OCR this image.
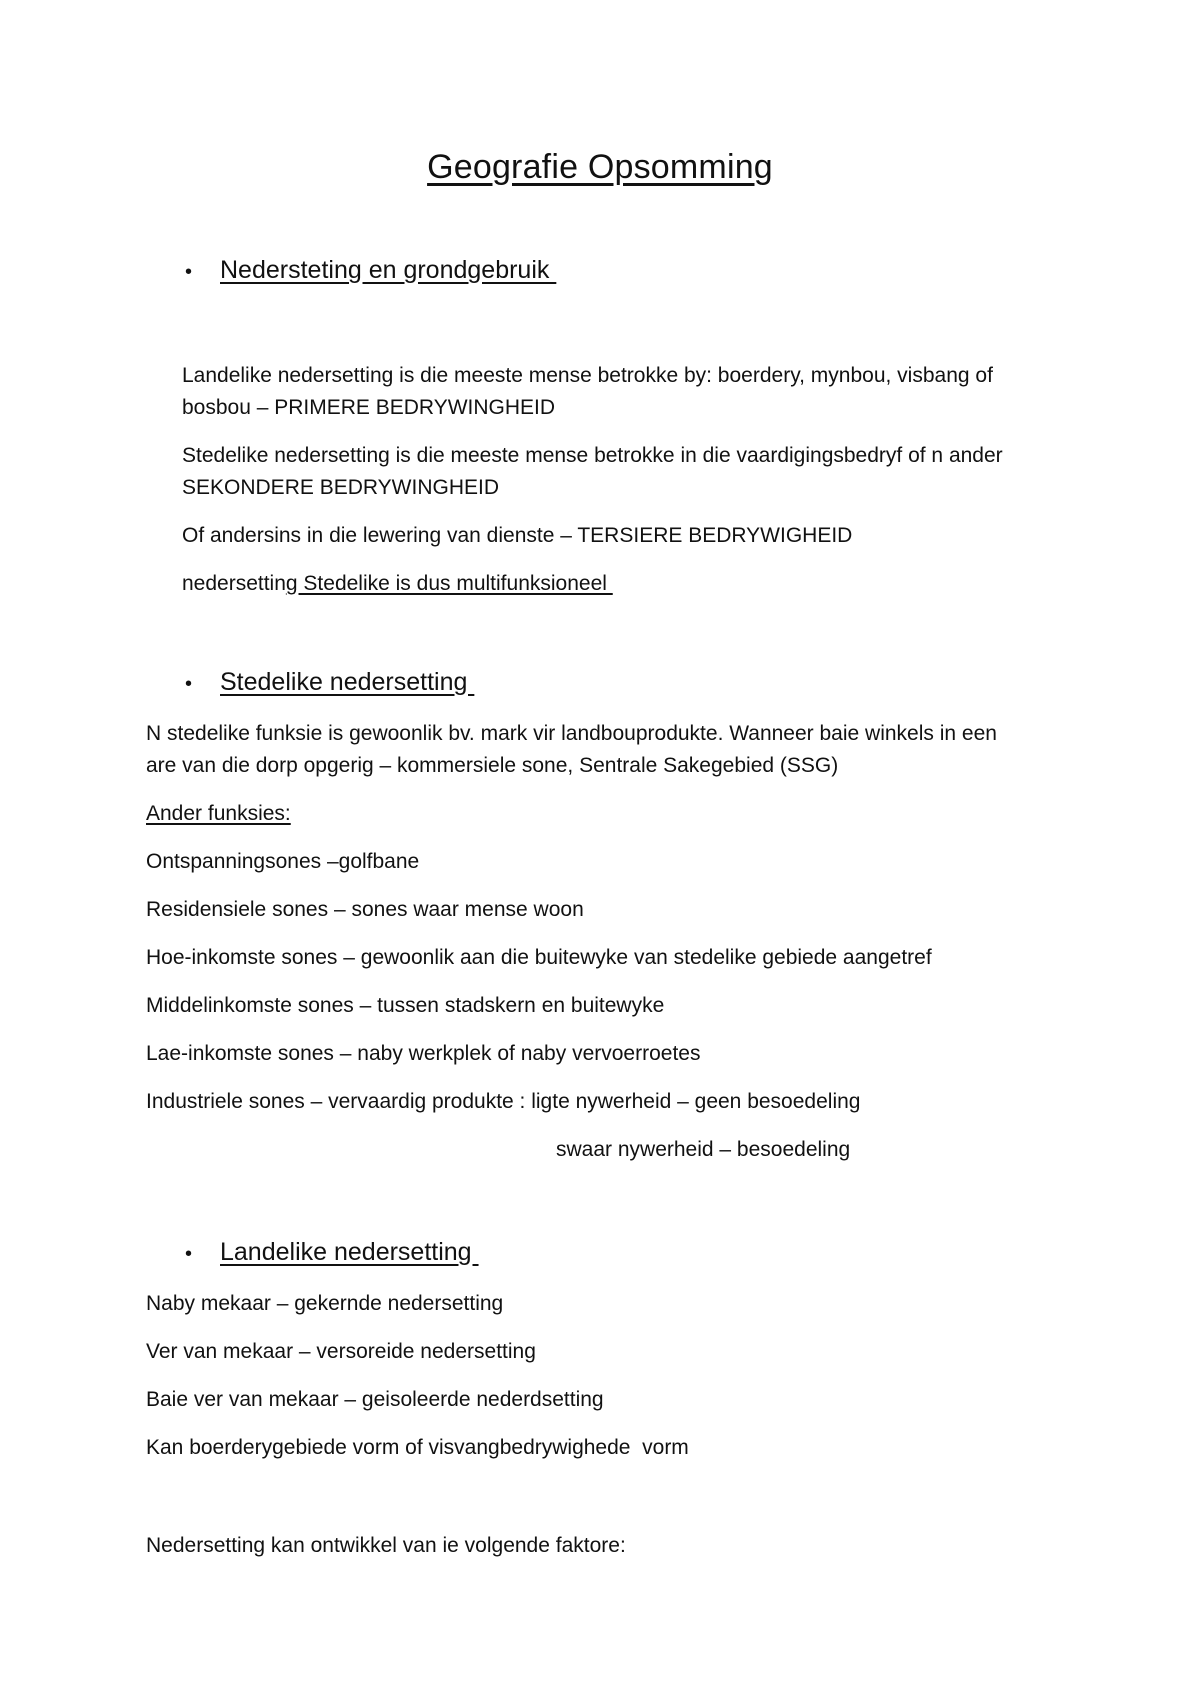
Geografie Opsomming
•	Nedersteting en grondgebruik
Landelike nedersetting is die meeste mense betrokke by: boerdery, mynbou, visbang of
bosbou – PRIMERE BEDRYWINGHEID
Stedelike nedersetting is die meeste mense betrokke in die vaardigingsbedryf of n ander
SEKONDERE BEDRYWINGHEID
Of andersins in die lewering van dienste – TERSIERE BEDRYWIGHEID
nedersetting Stedelike is dus multifunksioneel
•	Stedelike nedersetting
N stedelike funksie is gewoonlik bv. mark vir landbouprodukte. Wanneer baie winkels in een
are van die dorp opgerig – kommersiele sone, Sentrale Sakegebied (SSG)
Ander funksies:
Ontspanningsones –golfbane
Residensiele sones – sones waar mense woon
Hoe-inkomste sones – gewoonlik aan die buitewyke van stedelike gebiede aangetref
Middelinkomste sones – tussen stadskern en buitewyke
Lae-inkomste sones – naby werkplek of naby vervoerroetes
Industriele sones – vervaardig produkte : ligte nywerheid – geen besoedeling
swaar nywerheid – besoedeling
•	Landelike nedersetting
Naby mekaar – gekernde nedersetting
Ver van mekaar – versoreide nedersetting
Baie ver van mekaar – geisoleerde nederdsetting
Kan boerderygebiede vorm of visvangbedrywighede  vorm
Nedersetting kan ontwikkel van ie volgende faktore:
